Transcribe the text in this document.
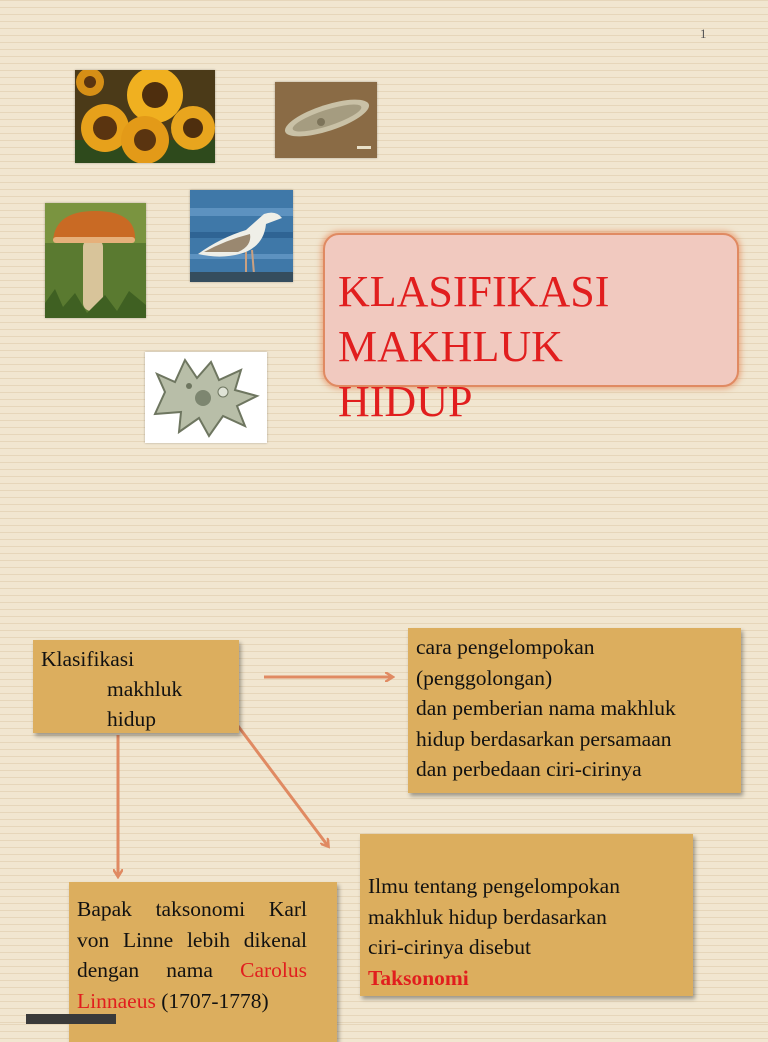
1
KLASIFIKASI
MAKHLUK
HIDUP
Klasifikasi
makhluk
hidup
cara pengelompokan
(penggolongan)
dan pemberian nama makhluk
hidup berdasarkan persamaan
dan perbedaan ciri-cirinya
Ilmu tentang pengelompokan
makhluk hidup berdasarkan
ciri-cirinya disebut
Taksonomi
Bapak taksonomi Karl von Linne lebih dikenal dengan nama Carolus Linnaeus (1707-1778)
